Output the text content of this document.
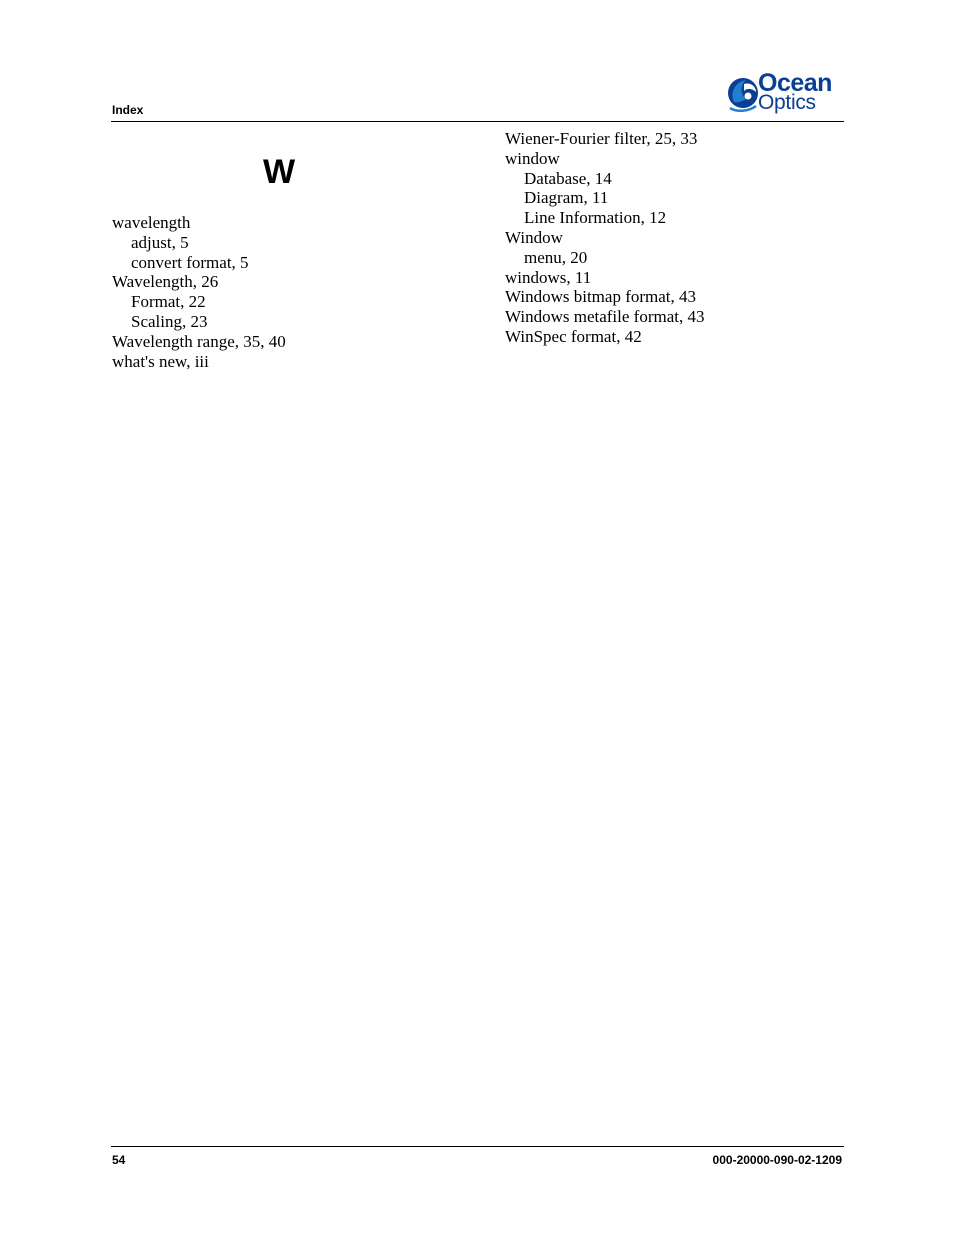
Index
Ocean
Optics
W
wavelength
adjust, 5
convert format, 5
Wavelength, 26
Format, 22
Scaling, 23
Wavelength range, 35, 40
what's new, iii
Wiener-Fourier filter, 25, 33
window
Database, 14
Diagram, 11
Line Information, 12
Window
menu, 20
windows, 11
Windows bitmap format, 43
Windows metafile format, 43
WinSpec format, 42
54	000-20000-090-02-1209
